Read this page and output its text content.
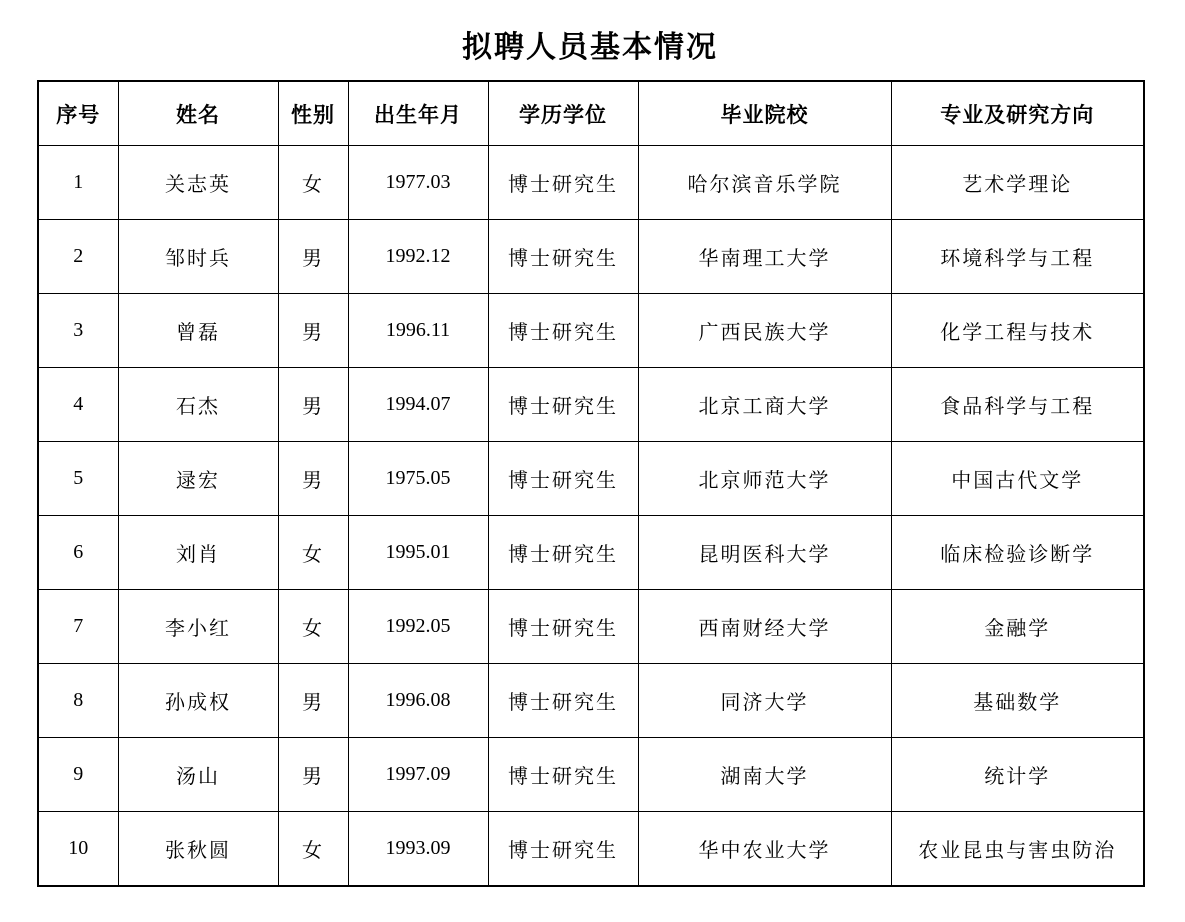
拟聘人员基本情况
序号	姓名	性别	出生年月	学历学位	毕业院校	专业及研究方向
1	关志英	女	1977.03	博士研究生	哈尔滨音乐学院	艺术学理论
2	邹时兵	男	1992.12	博士研究生	华南理工大学	环境科学与工程
3	曾磊	男	1996.11	博士研究生	广西民族大学	化学工程与技术
4	石杰	男	1994.07	博士研究生	北京工商大学	食品科学与工程
5	逯宏	男	1975.05	博士研究生	北京师范大学	中国古代文学
6	刘肖	女	1995.01	博士研究生	昆明医科大学	临床检验诊断学
7	李小红	女	1992.05	博士研究生	西南财经大学	金融学
8	孙成权	男	1996.08	博士研究生	同济大学	基础数学
9	汤山	男	1997.09	博士研究生	湖南大学	统计学
10	张秋圆	女	1993.09	博士研究生	华中农业大学	农业昆虫与害虫防治
